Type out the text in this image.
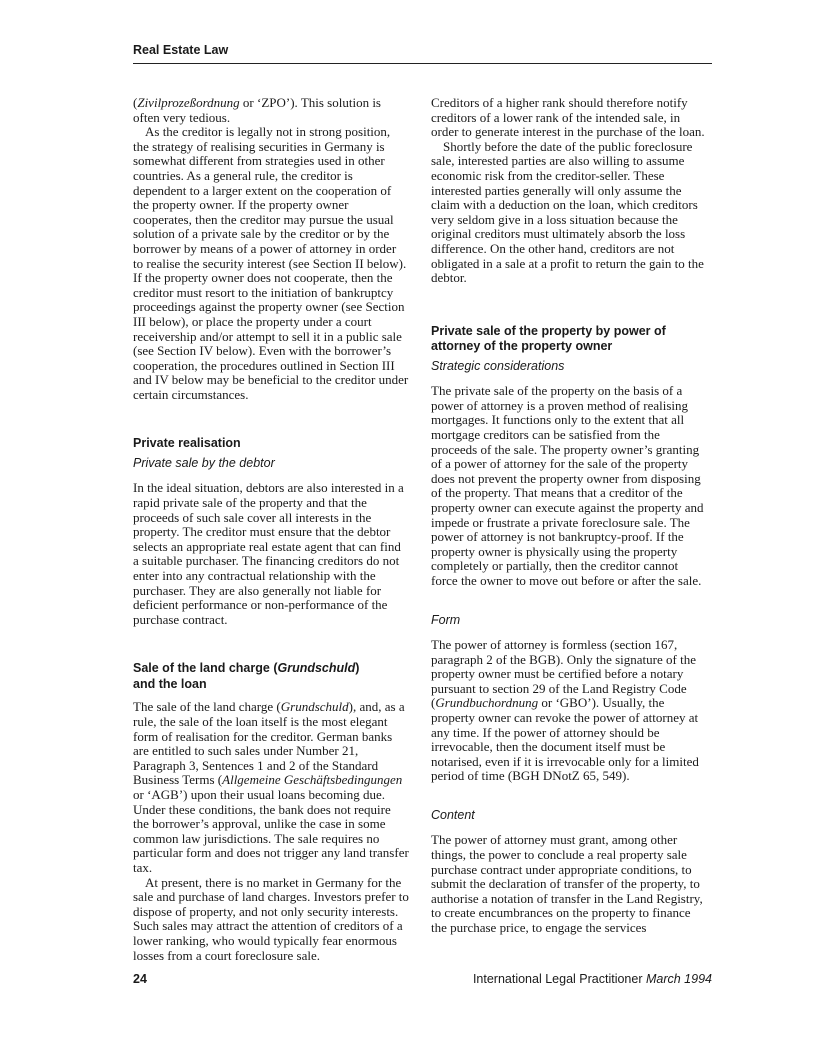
Real Estate Law

(Zivilprozeßordnung or ‘ZPO’). This solution is often very tedious.

As the creditor is legally not in strong position, the strategy of realising securities in Germany is somewhat different from strategies used in other countries. As a general rule, the creditor is dependent to a larger extent on the cooperation of the property owner. If the property owner cooperates, then the creditor may pursue the usual solution of a private sale by the creditor or by the borrower by means of a power of attorney in order to realise the security interest (see Section II below). If the property owner does not cooperate, then the creditor must resort to the initiation of bankruptcy proceedings against the property owner (see Section III below), or place the property under a court receivership and/or attempt to sell it in a public sale (see Section IV below). Even with the borrower’s cooperation, the procedures outlined in Section III and IV below may be beneficial to the creditor under certain circumstances.

Private realisation
Private sale by the debtor

In the ideal situation, debtors are also interested in a rapid private sale of the property and that the proceeds of such sale cover all interests in the property. The creditor must ensure that the debtor selects an appropriate real estate agent that can find a suitable purchaser. The financing creditors do not enter into any contractual relationship with the purchaser. They are also generally not liable for deficient performance or non-performance of the purchase contract.

Sale of the land charge (Grundschuld)
and the loan

The sale of the land charge (Grundschuld), and, as a rule, the sale of the loan itself is the most elegant form of realisation for the creditor. German banks are entitled to such sales under Number 21, Paragraph 3, Sentences 1 and 2 of the Standard Business Terms (Allgemeine Geschäftsbedingungen or ‘AGB’) upon their usual loans becoming due. Under these conditions, the bank does not require the borrower’s approval, unlike the case in some common law jurisdictions. The sale requires no particular form and does not trigger any land transfer tax.

At present, there is no market in Germany for the sale and purchase of land charges. Investors prefer to dispose of property, and not only security interests. Such sales may attract the attention of creditors of a lower ranking, who would typically fear enormous losses from a court foreclosure sale.

Creditors of a higher rank should therefore notify creditors of a lower rank of the intended sale, in order to generate interest in the purchase of the loan.

Shortly before the date of the public foreclosure sale, interested parties are also willing to assume economic risk from the creditor-seller. These interested parties generally will only assume the claim with a deduction on the loan, which creditors very seldom give in a loss situation because the original creditors must ultimately absorb the loss difference. On the other hand, creditors are not obligated in a sale at a profit to return the gain to the debtor.

Private sale of the property by power of attorney of the property owner
Strategic considerations

The private sale of the property on the basis of a power of attorney is a proven method of realising mortgages. It functions only to the extent that all mortgage creditors can be satisfied from the proceeds of the sale. The property owner’s granting of a power of attorney for the sale of the property does not prevent the property owner from disposing of the property. That means that a creditor of the property owner can execute against the property and impede or frustrate a private foreclosure sale. The power of attorney is not bankruptcy-proof. If the property owner is physically using the property completely or partially, then the creditor cannot force the owner to move out before or after the sale.

Form

The power of attorney is formless (section 167, paragraph 2 of the BGB). Only the signature of the property owner must be certified before a notary pursuant to section 29 of the Land Registry Code (Grundbuchordnung or ‘GBO’). Usually, the property owner can revoke the power of attorney at any time. If the power of attorney should be irrevocable, then the document itself must be notarised, even if it is irrevocable only for a limited period of time (BGH DNotZ 65, 549).

Content

The power of attorney must grant, among other things, the power to conclude a real property sale purchase contract under appropriate conditions, to submit the declaration of transfer of the property, to authorise a notation of transfer in the Land Registry, to create encumbrances on the property to finance the purchase price, to engage the services

24	International Legal Practitioner March 1994
